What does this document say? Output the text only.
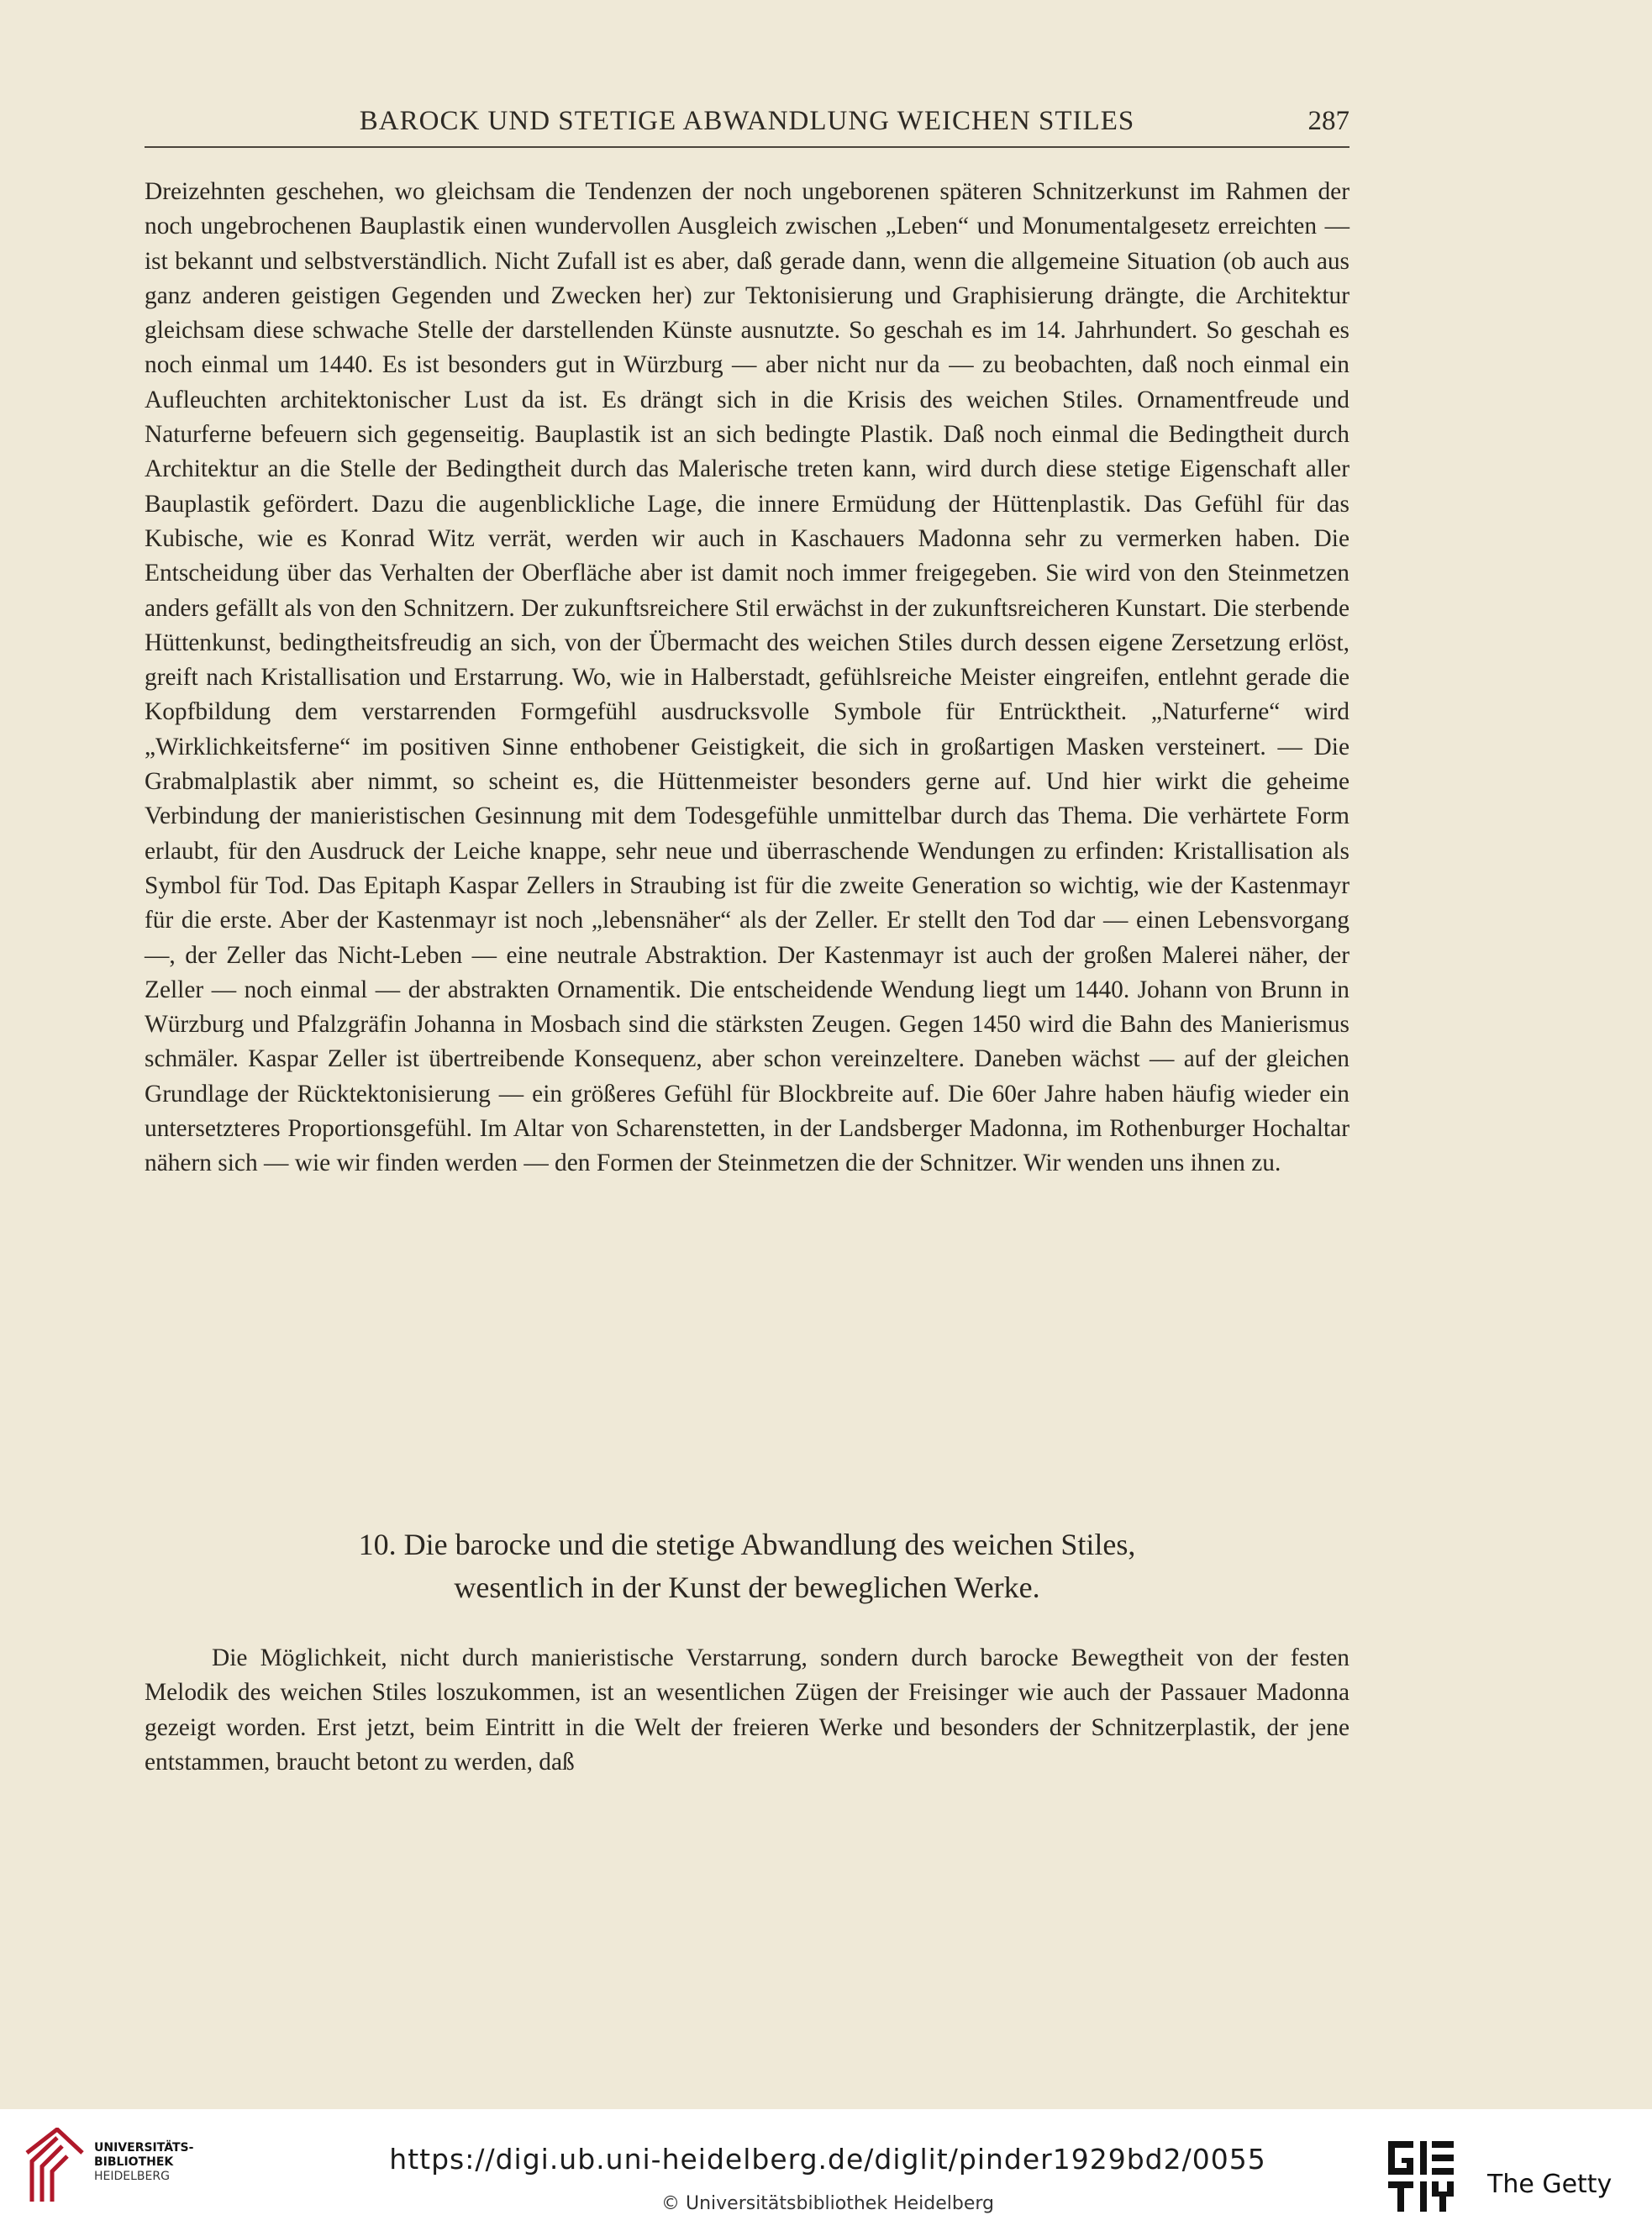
BAROCK UND STETIGE ABWANDLUNG WEICHEN STILES	287

Dreizehnten geschehen, wo gleichsam die Tendenzen der noch ungeborenen späteren Schnitzerkunst im Rahmen der noch ungebrochenen Bauplastik einen wundervollen Ausgleich zwischen „Leben“ und Monumentalgesetz erreichten — ist bekannt und selbstverständlich. Nicht Zufall ist es aber, daß gerade dann, wenn die allgemeine Situation (ob auch aus ganz anderen geistigen Gegenden und Zwecken her) zur Tektonisierung und Graphisierung drängte, die Architektur gleichsam diese schwache Stelle der darstellenden Künste ausnutzte. So geschah es im 14. Jahrhundert. So geschah es noch einmal um 1440. Es ist besonders gut in Würzburg — aber nicht nur da — zu beobachten, daß noch einmal ein Aufleuchten architektonischer Lust da ist. Es drängt sich in die Krisis des weichen Stiles. Ornamentfreude und Naturferne befeuern sich gegenseitig. Bauplastik ist an sich bedingte Plastik. Daß noch einmal die Bedingtheit durch Architektur an die Stelle der Bedingtheit durch das Malerische treten kann, wird durch diese stetige Eigenschaft aller Bauplastik gefördert. Dazu die augenblickliche Lage, die innere Ermüdung der Hüttenplastik. Das Gefühl für das Kubische, wie es Konrad Witz verrät, werden wir auch in Kaschauers Madonna sehr zu vermerken haben. Die Entscheidung über das Verhalten der Oberfläche aber ist damit noch immer freigegeben. Sie wird von den Steinmetzen anders gefällt als von den Schnitzern. Der zukunftsreichere Stil erwächst in der zukunftsreicheren Kunstart. Die sterbende Hüttenkunst, bedingtheitsfreudig an sich, von der Übermacht des weichen Stiles durch dessen eigene Zersetzung erlöst, greift nach Kristallisation und Erstarrung. Wo, wie in Halberstadt, gefühlsreiche Meister eingreifen, entlehnt gerade die Kopfbildung dem verstarrenden Formgefühl ausdrucksvolle Symbole für Entrücktheit. „Naturferne“ wird „Wirklichkeitsferne“ im positiven Sinne enthobener Geistigkeit, die sich in großartigen Masken versteinert. — Die Grabmalplastik aber nimmt, so scheint es, die Hüttenmeister besonders gerne auf. Und hier wirkt die geheime Verbindung der manieristischen Gesinnung mit dem Todesgefühle unmittelbar durch das Thema. Die verhärtete Form erlaubt, für den Ausdruck der Leiche knappe, sehr neue und überraschende Wendungen zu erfinden: Kristallisation als Symbol für Tod. Das Epitaph Kaspar Zellers in Straubing ist für die zweite Generation so wichtig, wie der Kastenmayr für die erste. Aber der Kastenmayr ist noch „lebensnäher“ als der Zeller. Er stellt den Tod dar — einen Lebensvorgang —, der Zeller das Nicht-Leben — eine neutrale Abstraktion. Der Kastenmayr ist auch der großen Malerei näher, der Zeller — noch einmal — der abstrakten Ornamentik. Die entscheidende Wendung liegt um 1440. Johann von Brunn in Würzburg und Pfalzgräfin Johanna in Mosbach sind die stärksten Zeugen. Gegen 1450 wird die Bahn des Manierismus schmäler. Kaspar Zeller ist übertreibende Konsequenz, aber schon vereinzeltere. Daneben wächst — auf der gleichen Grundlage der Rücktektonisierung — ein größeres Gefühl für Blockbreite auf. Die 60er Jahre haben häufig wieder ein untersetzteres Proportionsgefühl. Im Altar von Scharenstetten, in der Landsberger Madonna, im Rothenburger Hochaltar nähern sich — wie wir finden werden — den Formen der Steinmetzen die der Schnitzer. Wir wenden uns ihnen zu.

10. Die barocke und die stetige Abwandlung des weichen Stiles,
wesentlich in der Kunst der beweglichen Werke.

Die Möglichkeit, nicht durch manieristische Verstarrung, sondern durch barocke Bewegtheit von der festen Melodik des weichen Stiles loszukommen, ist an wesentlichen Zügen der Freisinger wie auch der Passauer Madonna gezeigt worden. Erst jetzt, beim Eintritt in die Welt der freieren Werke und besonders der Schnitzerplastik, der jene entstammen, braucht betont zu werden, daß

UNIVERSITÄTS-
BIBLIOTHEK
HEIDELBERG
https://digi.ub.uni-heidelberg.de/diglit/pinder1929bd2/0055
© Universitätsbibliothek Heidelberg
The Getty
